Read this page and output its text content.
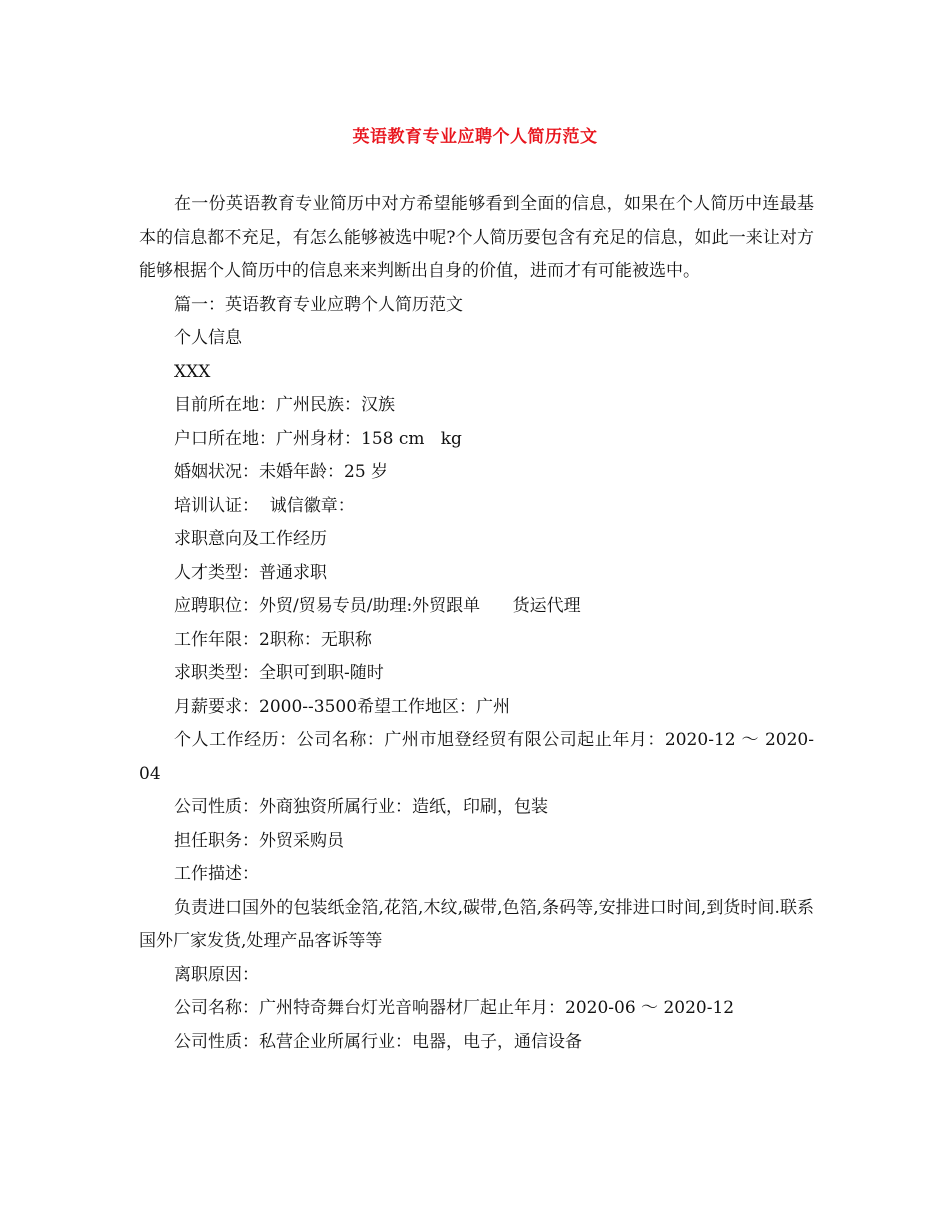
英语教育专业应聘个人简历范文

在一份英语教育专业简历中对方希望能够看到全面的信息，如果在个人简历中连最基本的信息都不充足，有怎么能够被选中呢?个人简历要包含有充足的信息，如此一来让对方能够根据个人简历中的信息来来判断出自身的价值，进而才有可能被选中。

篇一：英语教育专业应聘个人简历范文

个人信息

XXX

目前所在地：广州民族：汉族

户口所在地：广州身材：158 cm   kg

婚姻状况：未婚年龄：25 岁

培训认证：  诚信徽章：

求职意向及工作经历

人才类型：普通求职

应聘职位：外贸/贸易专员/助理:外贸跟单      货运代理

工作年限：2职称：无职称

求职类型：全职可到职-随时

月薪要求：2000--3500希望工作地区：广州

个人工作经历：公司名称：广州市旭登经贸有限公司起止年月：2020-12 ～ 2020-04

公司性质：外商独资所属行业：造纸，印刷，包装

担任职务：外贸采购员

工作描述：

负责进口国外的包装纸金箔,花箔,木纹,碳带,色箔,条码等,安排进口时间,到货时间.联系国外厂家发货,处理产品客诉等等

离职原因：

公司名称：广州特奇舞台灯光音响器材厂起止年月：2020-06 ～ 2020-12

公司性质：私营企业所属行业：电器，电子，通信设备
